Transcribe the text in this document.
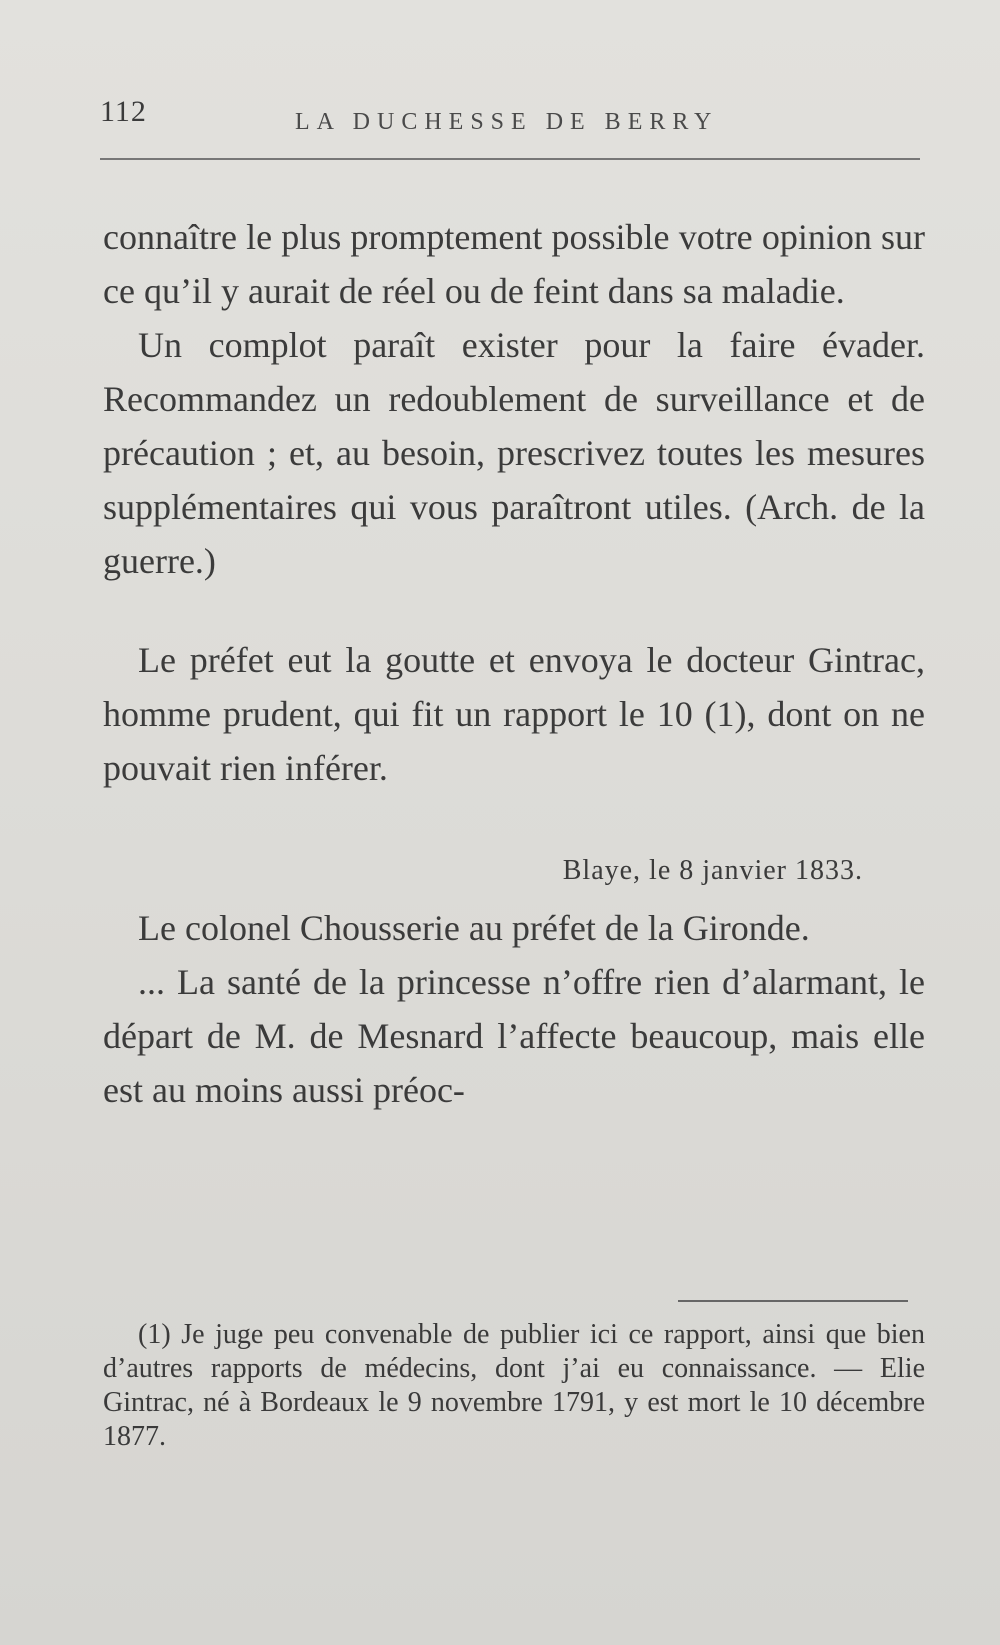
112	LA DUCHESSE DE BERRY

connaître le plus promptement possible votre opinion sur ce qu’il y aurait de réel ou de feint dans sa maladie.

Un complot paraît exister pour la faire évader. Recommandez un redoublement de surveillance et de précaution ; et, au besoin, prescrivez toutes les mesures supplémentaires qui vous paraîtront utiles. (Arch. de la guerre.)

Le préfet eut la goutte et envoya le docteur Gintrac, homme prudent, qui fit un rapport le 10 (1), dont on ne pouvait rien inférer.

Blaye, le 8 janvier 1833.

Le colonel Chousserie au préfet de la Gironde.

... La santé de la princesse n’offre rien d’alarmant, le départ de M. de Mesnard l’affecte beaucoup, mais elle est au moins aussi préoc-

(1) Je juge peu convenable de publier ici ce rapport, ainsi que bien d’autres rapports de médecins, dont j’ai eu connaissance. — Elie Gintrac, né à Bordeaux le 9 novembre 1791, y est mort le 10 décembre 1877.
